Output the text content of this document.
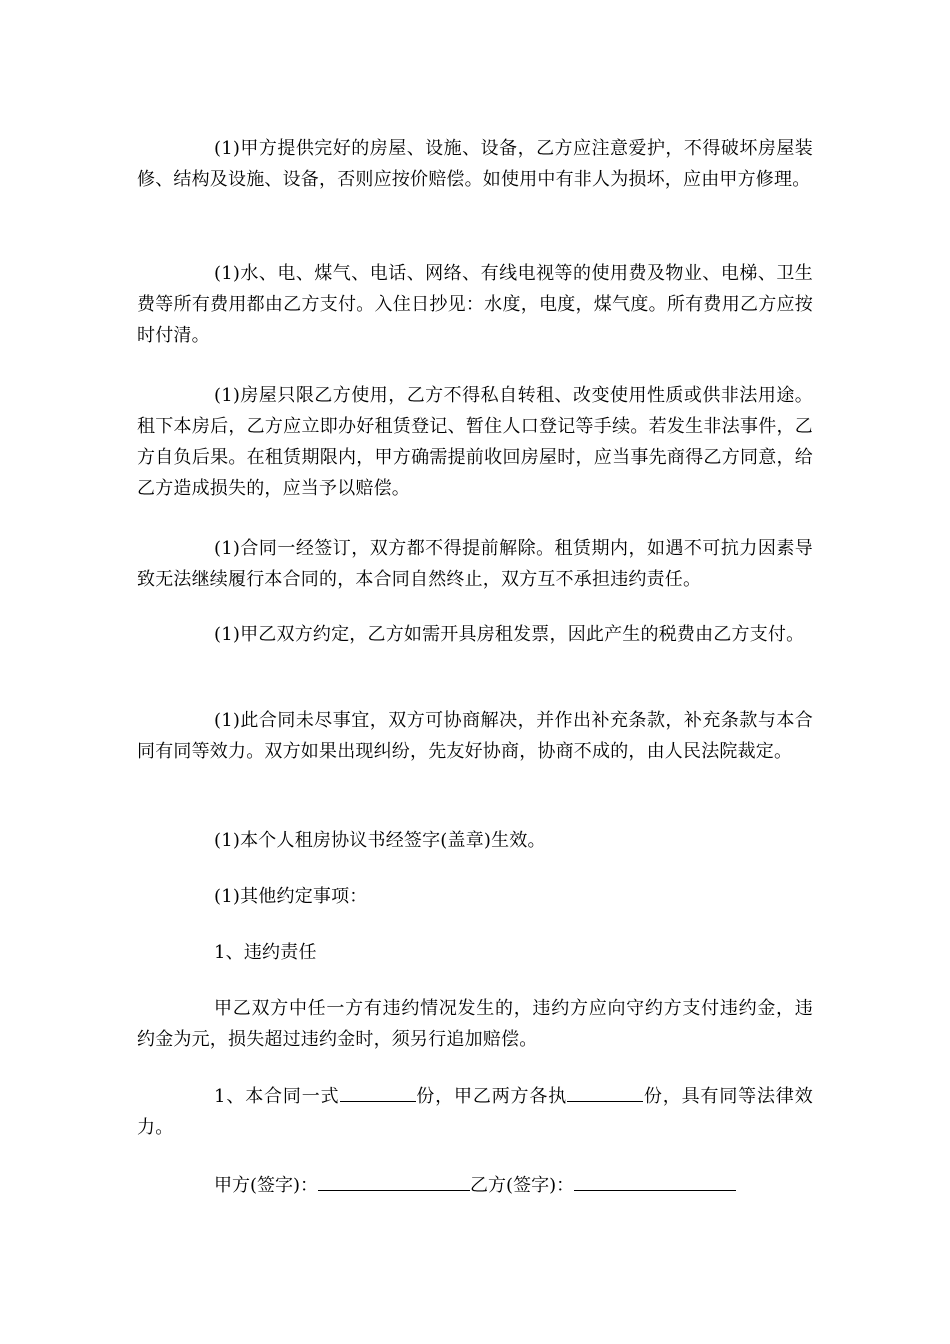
(1)甲方提供完好的房屋、设施、设备，乙方应注意爱护，不得破坏房屋装修、结构及设施、设备，否则应按价赔偿。如使用中有非人为损坏，应由甲方修理。

(1)水、电、煤气、电话、网络、有线电视等的使用费及物业、电梯、卫生费等所有费用都由乙方支付。入住日抄见：水度，电度，煤气度。所有费用乙方应按时付清。

(1)房屋只限乙方使用，乙方不得私自转租、改变使用性质或供非法用途。租下本房后，乙方应立即办好租赁登记、暂住人口登记等手续。若发生非法事件，乙方自负后果。在租赁期限内，甲方确需提前收回房屋时，应当事先商得乙方同意，给乙方造成损失的，应当予以赔偿。

(1)合同一经签订，双方都不得提前解除。租赁期内，如遇不可抗力因素导致无法继续履行本合同的，本合同自然终止，双方互不承担违约责任。

(1)甲乙双方约定，乙方如需开具房租发票，因此产生的税费由乙方支付。

(1)此合同未尽事宜，双方可协商解决，并作出补充条款，补充条款与本合同有同等效力。双方如果出现纠纷，先友好协商，协商不成的，由人民法院裁定。

(1)本个人租房协议书经签字(盖章)生效。

(1)其他约定事项：

1、违约责任

甲乙双方中任一方有违约情况发生的，违约方应向守约方支付违约金，违约金为元，损失超过违约金时，须另行追加赔偿。

1、本合同一式	份，甲乙两方各执	份，具有同等法律效力。

甲方(签字)：	乙方(签字)：
